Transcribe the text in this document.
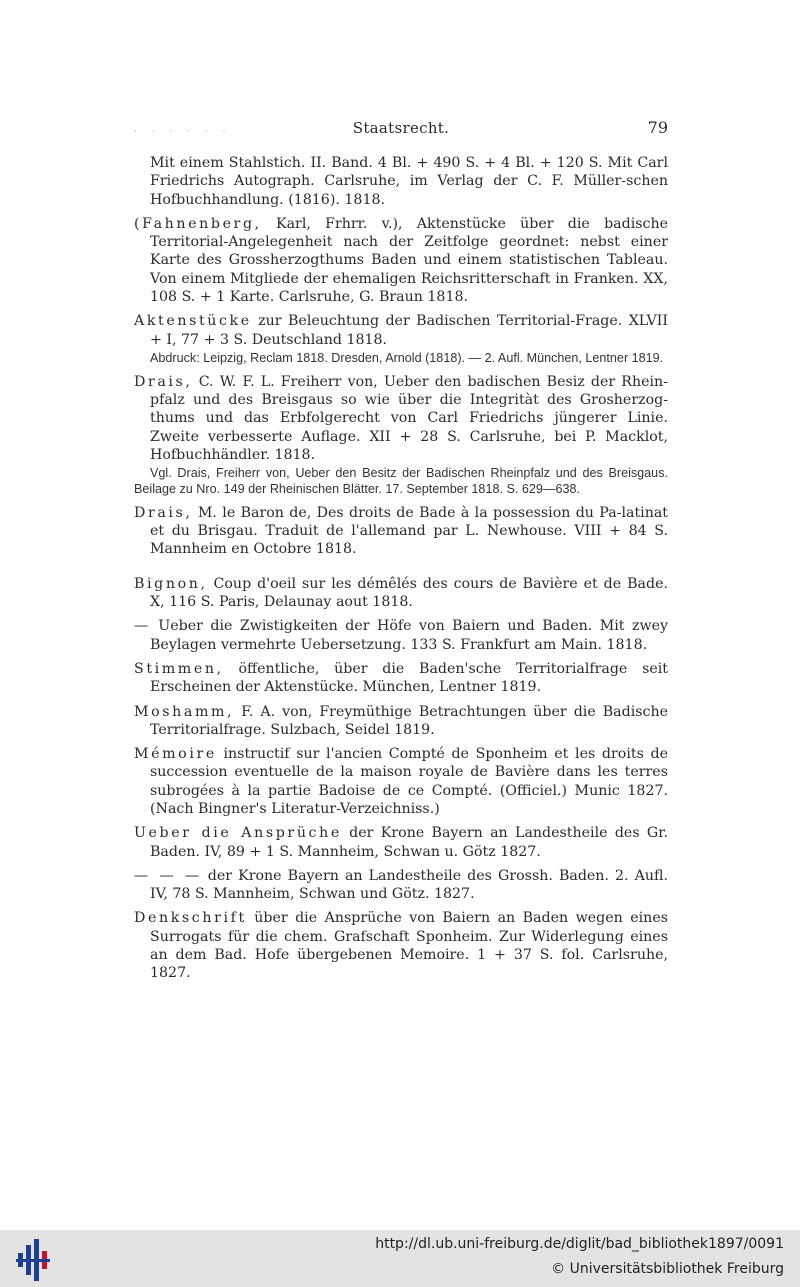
· · · · · ·	Staatsrecht.	79
Mit einem Stahlstich. II. Band. 4 Bl. + 490 S. + 4 Bl. + 120 S. Mit Carl Friedrichs Autograph. Carlsruhe, im Verlag der C. F. Müller-schen Hofbuchhandlung. (1816). 1818.
(Fahnenberg, Karl, Frhrr. v.), Aktenstücke über die badische Territorial-Angelegenheit nach der Zeitfolge geordnet: nebst einer Karte des Grossherzogthums Baden und einem statistischen Tableau. Von einem Mitgliede der ehemaligen Reichsritterschaft in Franken. XX, 108 S. + 1 Karte. Carlsruhe, G. Braun 1818.
Aktenstücke zur Beleuchtung der Badischen Territorial-Frage. XLVII + I, 77 + 3 S. Deutschland 1818.
Abdruck: Leipzig, Reclam 1818. Dresden, Arnold (1818). — 2. Aufl. München, Lentner 1819.
Drais, C. W. F. L. Freiherr von, Ueber den badischen Besiz der Rhein-pfalz und des Breisgaus so wie über die Integritàt des Grosherzog-thums und das Erbfolgerecht von Carl Friedrichs jüngerer Linie. Zweite verbesserte Auflage. XII + 28 S. Carlsruhe, bei P. Macklot, Hofbuchhändler. 1818.
Vgl. Drais, Freiherr von, Ueber den Besitz der Badischen Rheinpfalz und des Breisgaus. Beilage zu Nro. 149 der Rheinischen Blätter. 17. September 1818. S. 629—638.
Drais, M. le Baron de, Des droits de Bade à la possession du Pa-latinat et du Brisgau. Traduit de l'allemand par L. Newhouse. VIII + 84 S. Mannheim en Octobre 1818.
Bignon, Coup d'oeil sur les démêlés des cours de Bavière et de Bade. X, 116 S. Paris, Delaunay aout 1818.
— Ueber die Zwistigkeiten der Höfe von Baiern und Baden. Mit zwey Beylagen vermehrte Uebersetzung. 133 S. Frankfurt am Main. 1818.
Stimmen, öffentliche, über die Baden'sche Territorialfrage seit Erscheinen der Aktenstücke. München, Lentner 1819.
Moshamm, F. A. von, Freymüthige Betrachtungen über die Badische Territorialfrage. Sulzbach, Seidel 1819.
Mémoire instructif sur l'ancien Compté de Sponheim et les droits de succession eventuelle de la maison royale de Bavière dans les terres subrogées à la partie Badoise de ce Compté. (Officiel.) Munic 1827. (Nach Bingner's Literatur-Verzeichniss.)
Ueber die Ansprüche der Krone Bayern an Landestheile des Gr. Baden. IV, 89 + 1 S. Mannheim, Schwan u. Götz 1827.
— — — der Krone Bayern an Landestheile des Grossh. Baden. 2. Aufl. IV, 78 S. Mannheim, Schwan und Götz. 1827.
Denkschrift über die Ansprüche von Baiern an Baden wegen eines Surrogats für die chem. Grafschaft Sponheim. Zur Widerlegung eines an dem Bad. Hofe übergebenen Memoire. 1 + 37 S. fol. Carlsruhe, 1827.
http://dl.ub.uni-freiburg.de/diglit/bad_bibliothek1897/0091
© Universitätsbibliothek Freiburg
